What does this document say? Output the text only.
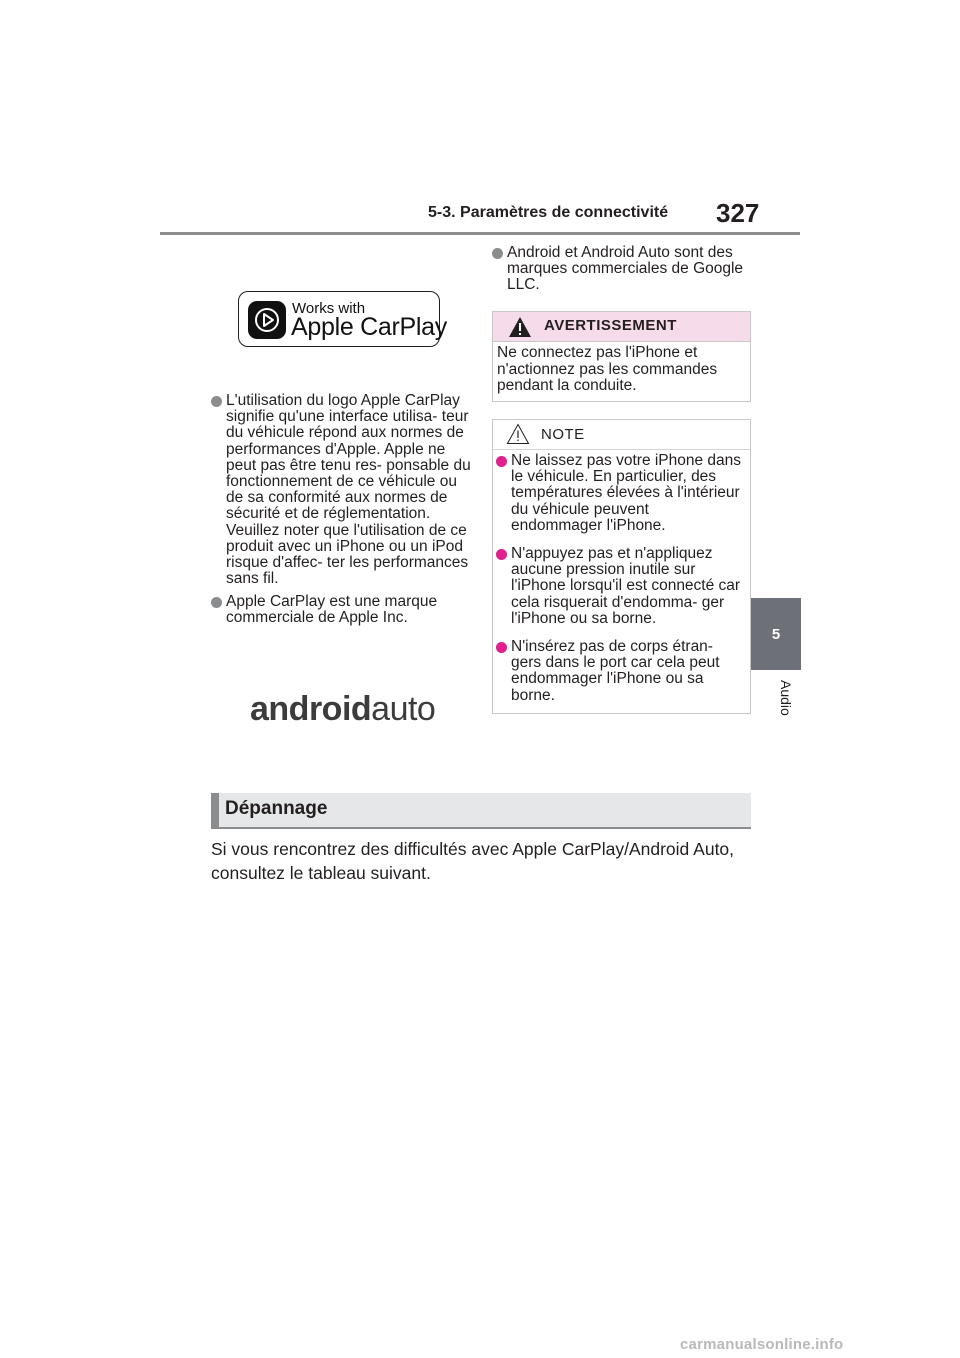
5-3. Paramètres de connectivité 327
5
Audio
Works with
Apple CarPlay
L'utilisation du logo Apple CarPlay signifie qu'une interface utilisa- teur du véhicule répond aux normes de performances d'Apple. Apple ne peut pas être tenu res- ponsable du fonctionnement de ce véhicule ou de sa conformité aux normes de sécurité et de réglementation. Veuillez noter que l'utilisation de ce produit avec un iPhone ou un iPod risque d'affec- ter les performances sans fil.
Apple CarPlay est une marque commerciale de Apple Inc.
androidauto
Android et Android Auto sont des marques commerciales de Google LLC.
AVERTISSEMENT
Ne connectez pas l'iPhone et n'actionnez pas les commandes pendant la conduite.
NOTE
Ne laissez pas votre iPhone dans le véhicule. En particulier, des températures élevées à l'intérieur du véhicule peuvent endommager l'iPhone.
N'appuyez pas et n'appliquez aucune pression inutile sur l'iPhone lorsqu'il est connecté car cela risquerait d'endomma- ger l'iPhone ou sa borne.
N'insérez pas de corps étran- gers dans le port car cela peut endommager l'iPhone ou sa borne.
Dépannage
Si vous rencontrez des difficultés avec Apple CarPlay/Android Auto, consultez le tableau suivant.
carmanualsonline.info
